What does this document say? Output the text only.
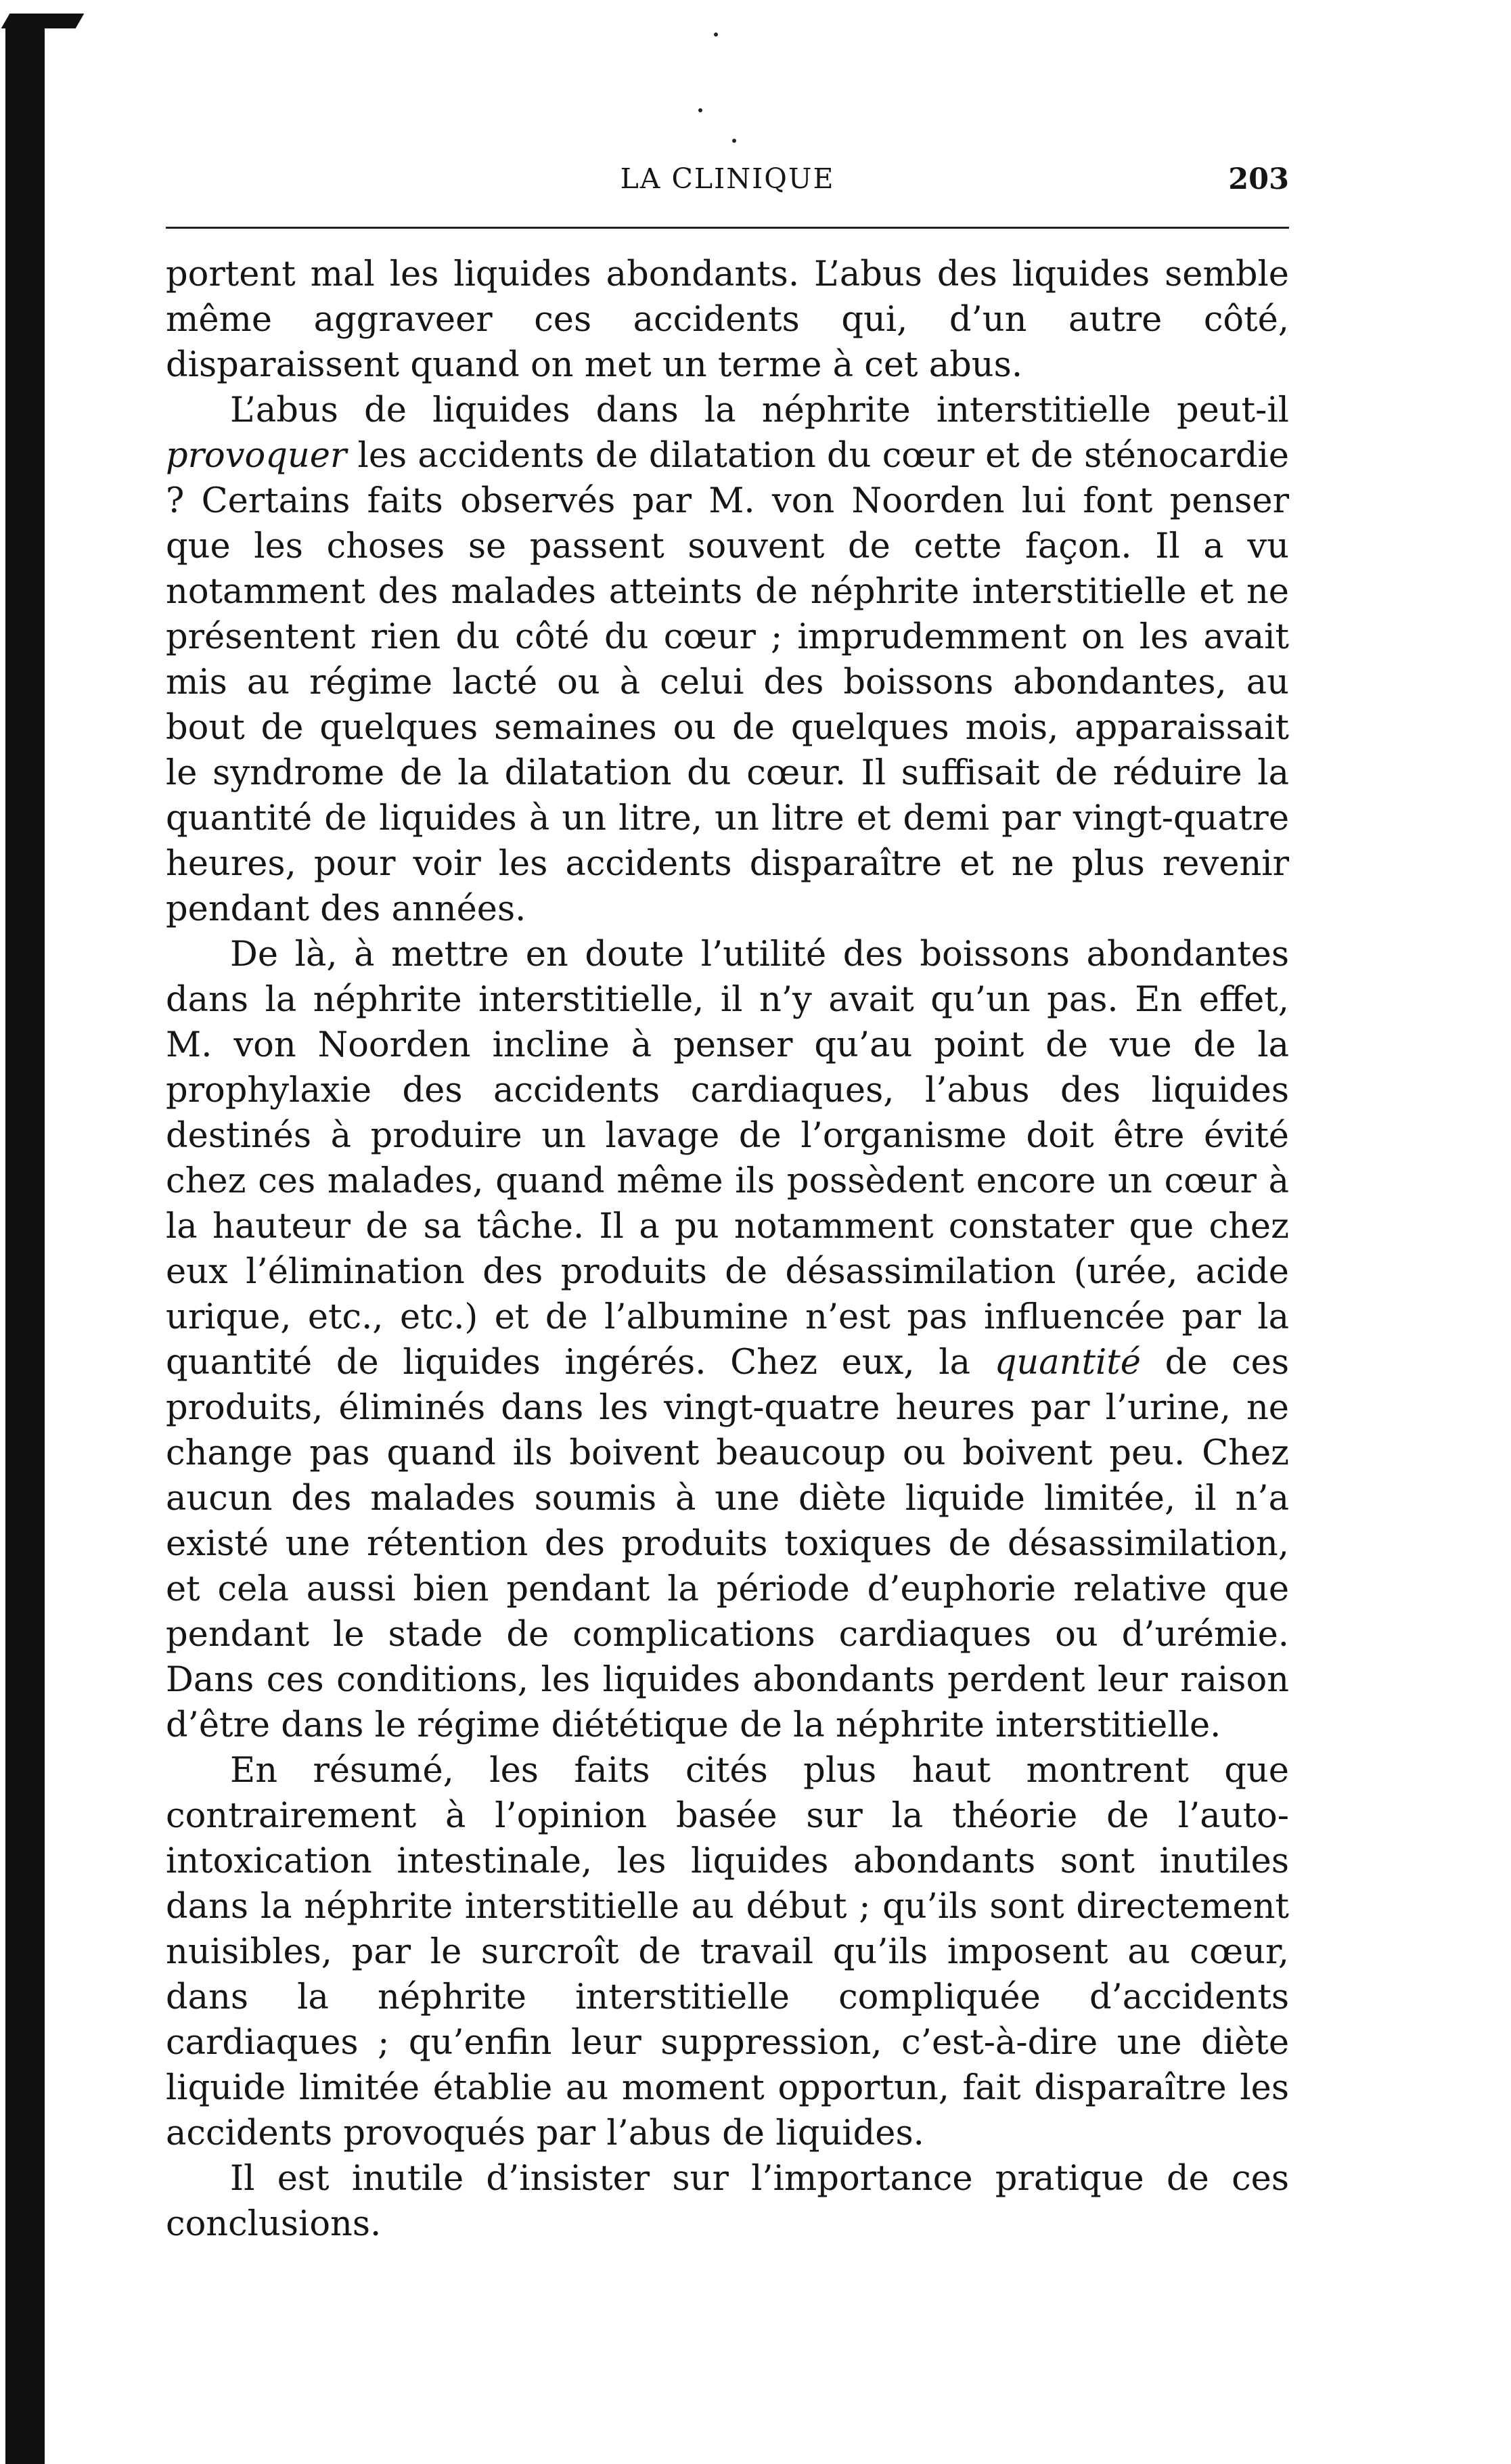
LA CLINIQUE	203

portent mal les liquides abondants. L’abus des liquides semble même aggraveer ces accidents qui, d’un autre côté, disparaissent quand on met un terme à cet abus.

L’abus de liquides dans la néphrite interstitielle peut-il provoquer les accidents de dilatation du cœur et de sténocardie ? Certains faits observés par M. von Noorden lui font penser que les choses se passent souvent de cette façon. Il a vu notamment des malades atteints de néphrite interstitielle et ne présentent rien du côté du cœur ; imprudemment on les avait mis au régime lacté ou à celui des boissons abondantes, au bout de quelques semaines ou de quelques mois, apparaissait le syndrome de la dilatation du cœur. Il suffisait de réduire la quantité de liquides à un litre, un litre et demi par vingt-quatre heures, pour voir les accidents disparaître et ne plus revenir pendant des années.

De là, à mettre en doute l’utilité des boissons abondantes dans la néphrite interstitielle, il n’y avait qu’un pas. En effet, M. von Noorden incline à penser qu’au point de vue de la prophylaxie des accidents cardiaques, l’abus des liquides destinés à produire un lavage de l’organisme doit être évité chez ces malades, quand même ils possèdent encore un cœur à la hauteur de sa tâche. Il a pu notamment constater que chez eux l’élimination des produits de désassimilation (urée, acide urique, etc., etc.) et de l’albumine n’est pas influencée par la quantité de liquides ingérés. Chez eux, la quantité de ces produits, éliminés dans les vingt-quatre heures par l’urine, ne change pas quand ils boivent beaucoup ou boivent peu. Chez aucun des malades soumis à une diète liquide limitée, il n’a existé une rétention des produits toxiques de désassimilation, et cela aussi bien pendant la période d’euphorie relative que pendant le stade de complications cardiaques ou d’urémie. Dans ces conditions, les liquides abondants perdent leur raison d’être dans le régime diététique de la néphrite interstitielle.

En résumé, les faits cités plus haut montrent que contrairement à l’opinion basée sur la théorie de l’auto-intoxication intestinale, les liquides abondants sont inutiles dans la néphrite interstitielle au début ; qu’ils sont directement nuisibles, par le surcroît de travail qu’ils imposent au cœur, dans la néphrite interstitielle compliquée d’accidents cardiaques ; qu’enfin leur suppression, c’est-à-dire une diète liquide limitée établie au moment opportun, fait disparaître les accidents provoqués par l’abus de liquides.

Il est inutile d’insister sur l’importance pratique de ces conclusions.
